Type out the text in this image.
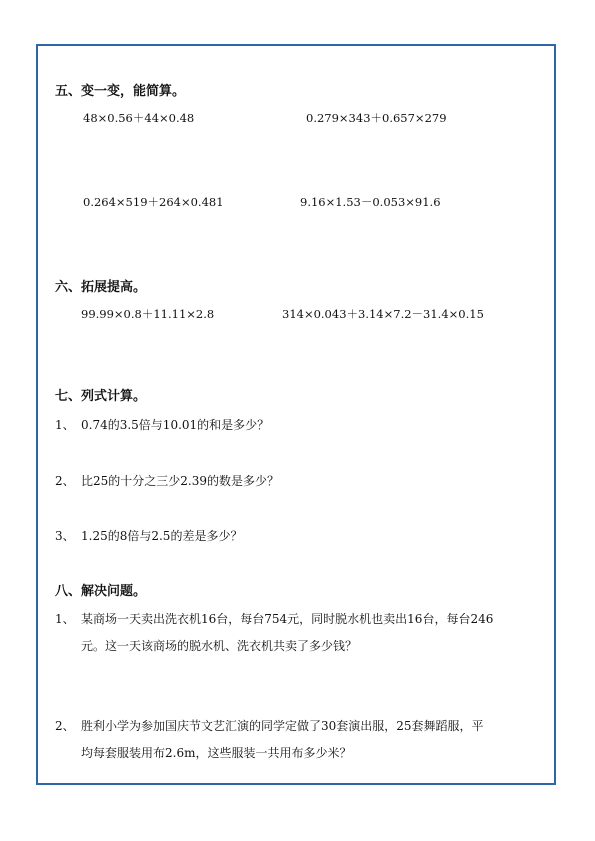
五、变一变，能简算。
48×0.56＋44×0.48	0.279×343＋0.657×279
0.264×519＋264×0.481	9.16×1.53－0.053×91.6
六、拓展提高。
99.99×0.8＋11.11×2.8	314×0.043＋3.14×7.2－31.4×0.15
七、列式计算。
1、 0.74的3.5倍与10.01的和是多少？
2、 比25的十分之三少2.39的数是多少？
3、 1.25的8倍与2.5的差是多少？
八、解决问题。
1、 某商场一天卖出洗衣机16台，每台754元，同时脱水机也卖出16台，每台246
元。这一天该商场的脱水机、洗衣机共卖了多少钱？
2、 胜利小学为参加国庆节文艺汇演的同学定做了30套演出服，25套舞蹈服，平
均每套服装用布2.6m，这些服装一共用布多少米？
